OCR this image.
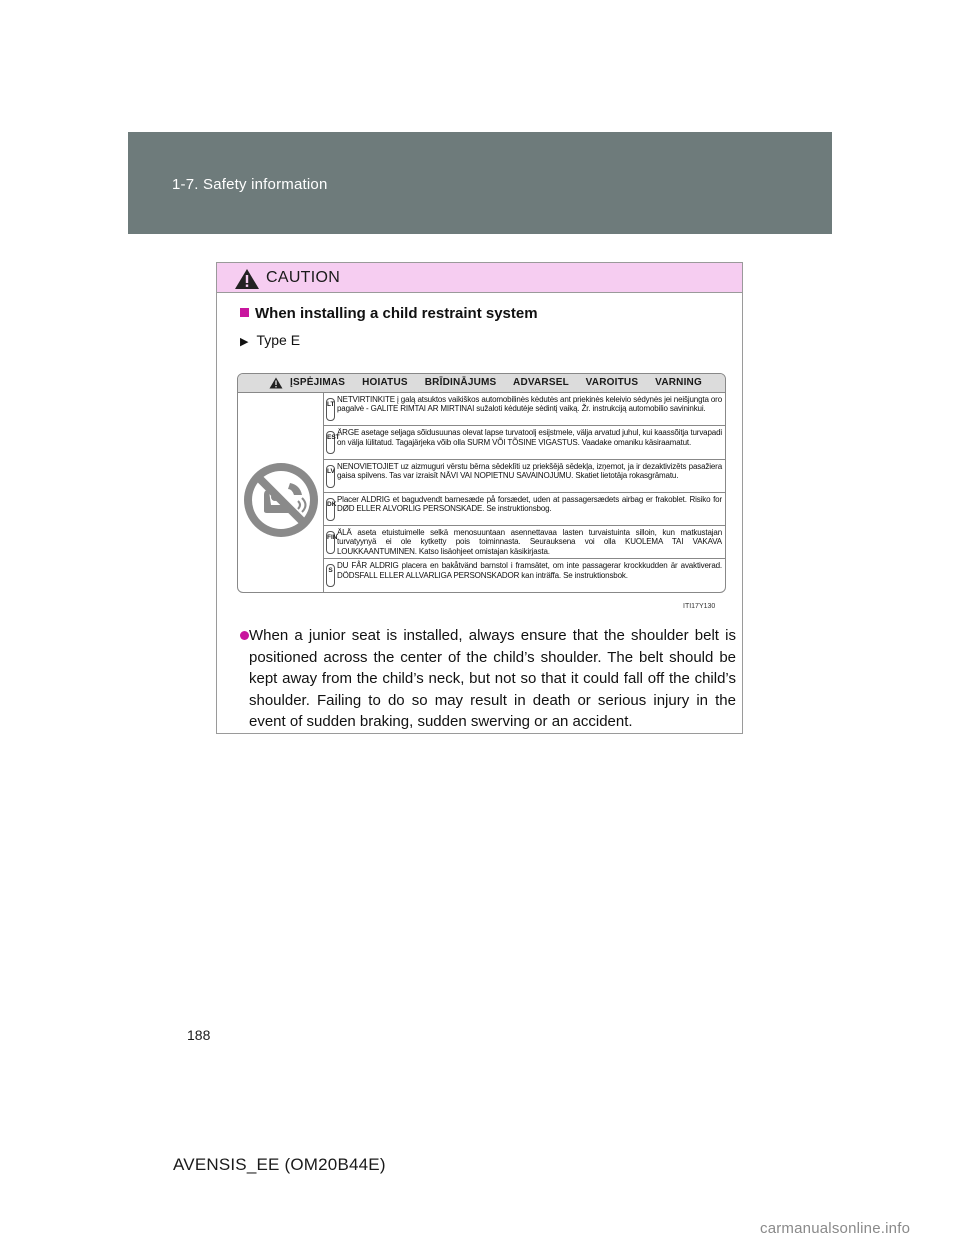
1-7. Safety information
CAUTION
When installing a child restraint system
▶ Type E
ĮSPĖJIMAS HOIATUS BRĪDINĀJUMS ADVARSEL VAROITUS VARNING
LT
NETVIRTINKITE į galą atsuktos vaikiškos automobilinės kėdutės ant priekinės keleivio sėdynės jei neišjungta oro pagalvė - GALITE RIMTAI AR MIRTINAI sužaloti kėdutėje sėdintį vaiką. Žr. instrukciją automobilio savininkui.
EST
ÄRGE asetage seljaga sõidusuunas olevat lapse turvatoolj esijstmele, välja arvatud juhul, kui kaassõitja turvapadi on välja lülitatud. Tagajärjeka võib olla SURM VÕI TÕSINE VIGASTUS. Vaadake omaniku käsiraamatut.
LV
NENOVIETOJIET uz aizmuguri vērstu bērna sēdeklīti uz priekšējā sēdekļa, izņemot, ja ir dezaktivizēts pasažiera gaisa spilvens. Tas var izraisīt NĀVI VAI NOPIETNU SAVAINOJUMU. Skatiet lietotāja rokasgrāmatu.
DK
Placer ALDRIG et bagudvendt barnesæde på forsædet, uden at passagersædets airbag er frakoblet. Risiko for DØD ELLER ALVORLIG PERSONSKADE. Se instruktionsbog.
FIN
ÄLÄ aseta etuistuimelle selkä menosuuntaan asennettavaa lasten turvaistuinta silloin, kun matkustajan turvatyynyä ei ole kytketty pois toiminnasta. Seurauksena voi olla KUOLEMA TAI VAKAVA LOUKKAANTUMINEN. Katso lisäohjeet omistajan käsikirjasta.
S
DU FÅR ALDRIG placera en bakåtvänd barnstol i framsätet, om inte passagerar krockkudden är avaktiverad. DÖDSFALL ELLER ALLVARLIGA PERSONSKADOR kan inträffa. Se instruktionsbok.
ITI17Y130
When a junior seat is installed, always ensure that the shoulder belt is positioned across the center of the child’s shoulder. The belt should be kept away from the child’s neck, but not so that it could fall off the child’s shoulder. Failing to do so may result in death or serious injury in the event of sudden braking, sudden swerving or an accident.
188
AVENSIS_EE (OM20B44E)
carmanualsonline.info
